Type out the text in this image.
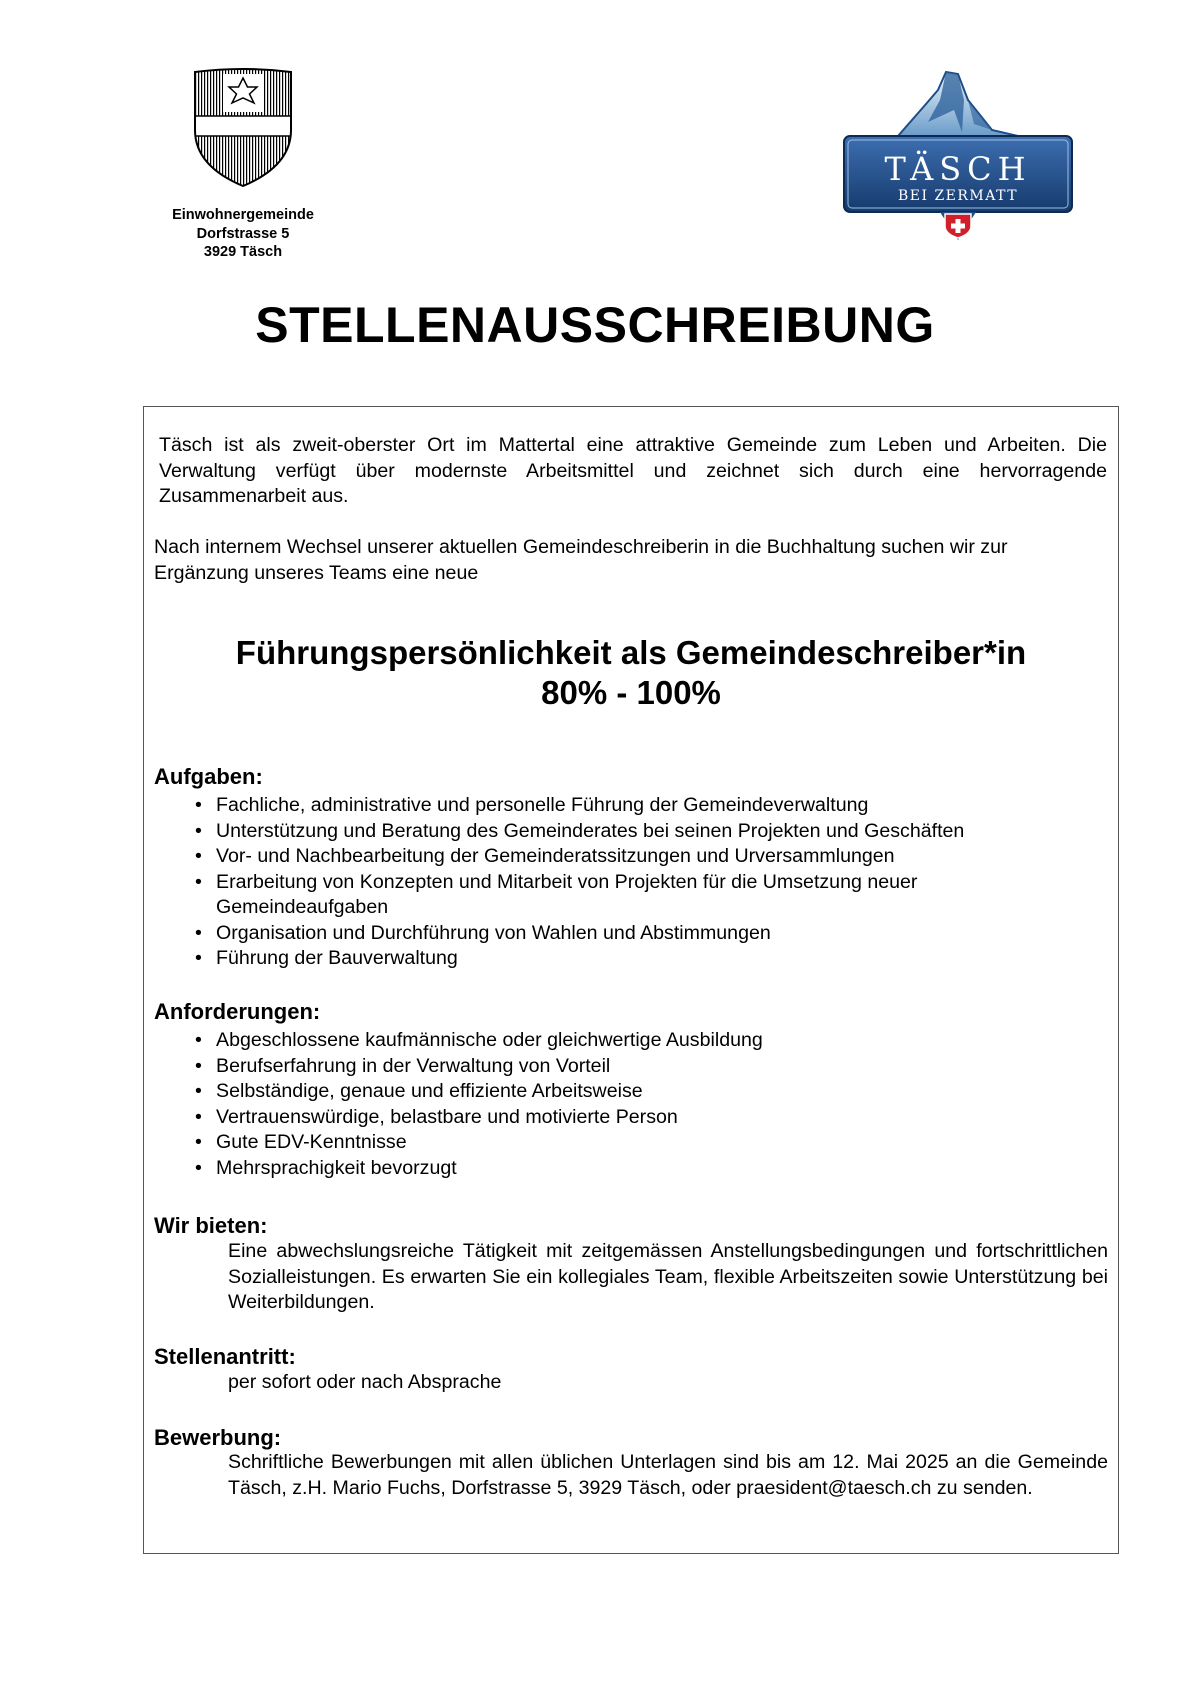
Einwohnergemeinde
Dorfstrasse 5
3929 Täsch
TÄSCH
BEI ZERMATT
STELLENAUSSCHREIBUNG

Täsch ist als zweit-oberster Ort im Mattertal eine attraktive Gemeinde zum Leben und Arbeiten. Die Verwaltung verfügt über modernste Arbeitsmittel und zeichnet sich durch eine hervorragende Zusammenarbeit aus.

Nach internem Wechsel unserer aktuellen Gemeindeschreiberin in die Buchhaltung suchen wir zur Ergänzung unseres Teams eine neue

Führungspersönlichkeit als Gemeindeschreiber*in

80% - 100%

Aufgaben:
• Fachliche, administrative und personelle Führung der Gemeindeverwaltung
• Unterstützung und Beratung des Gemeinderates bei seinen Projekten und Geschäften
• Vor- und Nachbearbeitung der Gemeinderatssitzungen und Urversammlungen
• Erarbeitung von Konzepten und Mitarbeit von Projekten für die Umsetzung neuer Gemeindeaufgaben
• Organisation und Durchführung von Wahlen und Abstimmungen
• Führung der Bauverwaltung
Anforderungen:
• Abgeschlossene kaufmännische oder gleichwertige Ausbildung
• Berufserfahrung in der Verwaltung von Vorteil
• Selbständige, genaue und effiziente Arbeitsweise
• Vertrauenswürdige, belastbare und motivierte Person
• Gute EDV-Kenntnisse
• Mehrsprachigkeit bevorzugt
Wir bieten:

Eine abwechslungsreiche Tätigkeit mit zeitgemässen Anstellungsbedingungen und fortschrittlichen Sozialleistungen. Es erwarten Sie ein kollegiales Team, flexible Arbeitszeiten sowie Unterstützung bei Weiterbildungen.

Stellenantritt:

per sofort oder nach Absprache

Bewerbung:

Schriftliche Bewerbungen mit allen üblichen Unterlagen sind bis am 12. Mai 2025 an die Gemeinde Täsch, z.H. Mario Fuchs, Dorfstrasse 5, 3929 Täsch, oder praesident@taesch.ch zu senden.
